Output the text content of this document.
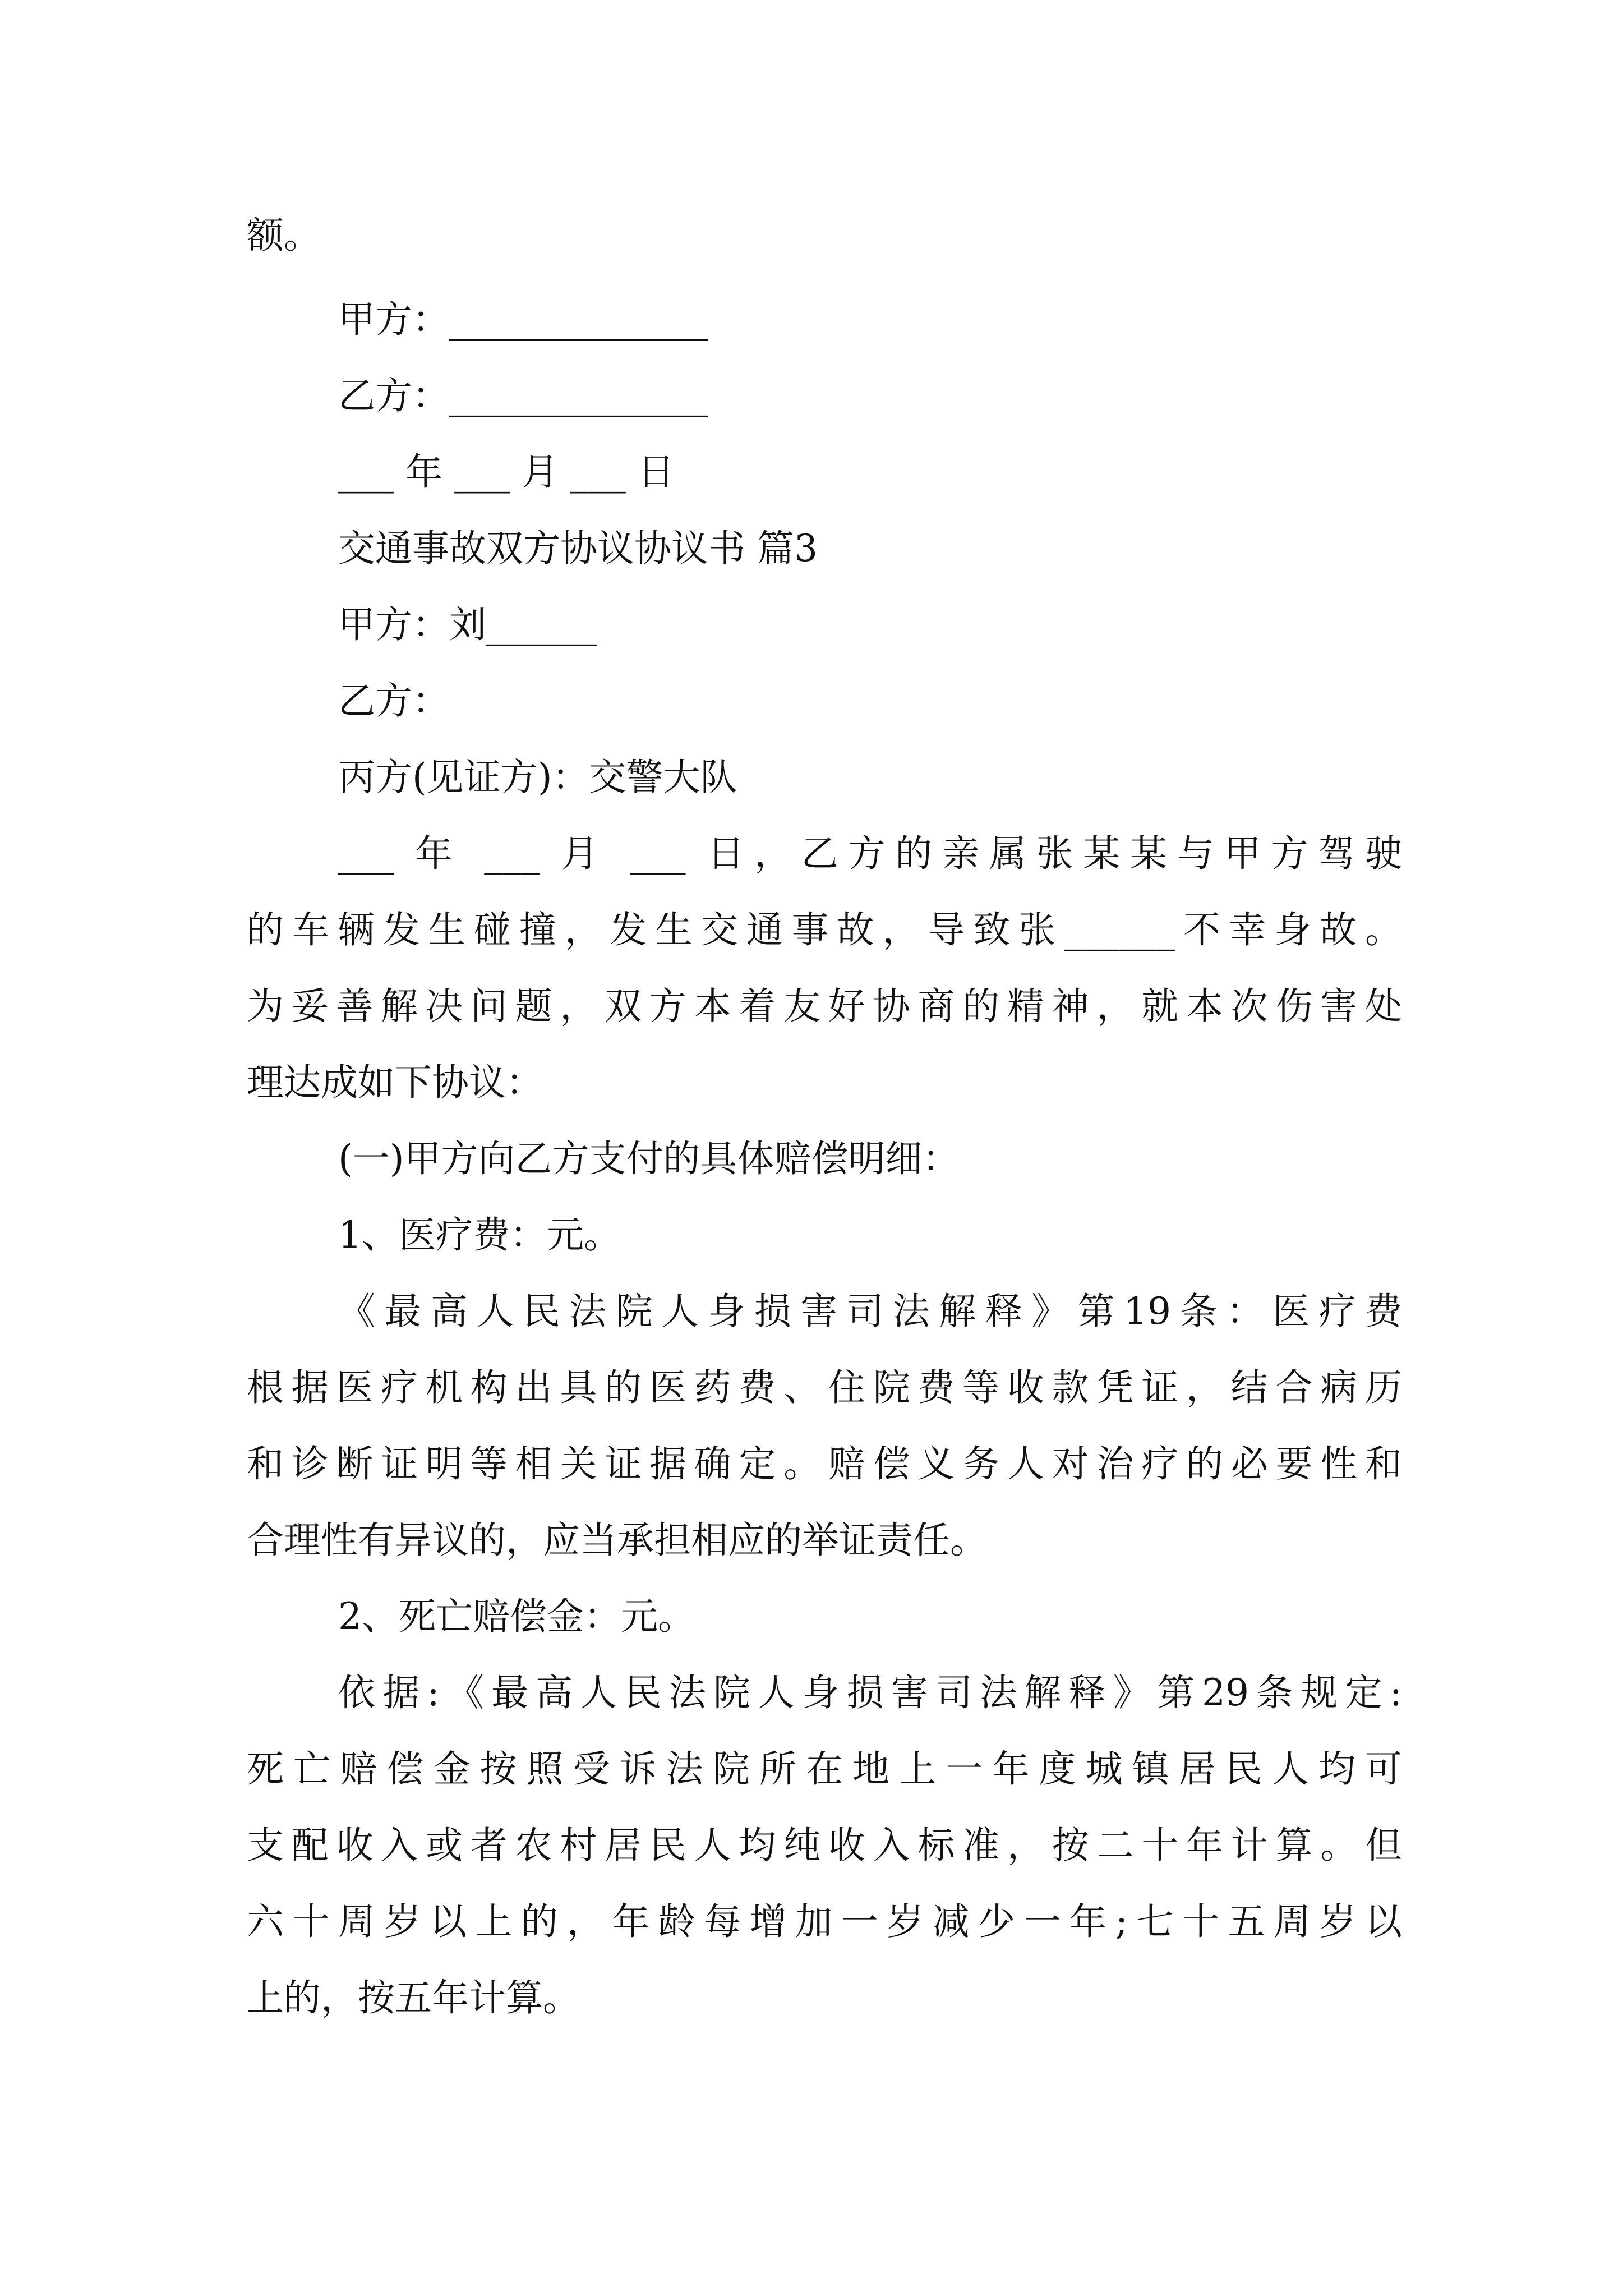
额。
甲方：______________
乙方：______________
___ 年 ___ 月 ___ 日
交通事故双方协议协议书 篇3
甲方：刘______
乙方：
丙方(见证方)：交警大队
___ 年 ___ 月 ___ 日，乙方的亲属张某某与甲方驾驶
的车辆发生碰撞，发生交通事故，导致张______不幸身故。
为妥善解决问题，双方本着友好协商的精神，就本次伤害处
理达成如下协议：
(一)甲方向乙方支付的具体赔偿明细：
1、医疗费：元。
《最高人民法院人身损害司法解释》第19条：医疗费
根据医疗机构出具的医药费、住院费等收款凭证，结合病历
和诊断证明等相关证据确定。赔偿义务人对治疗的必要性和
合理性有异议的，应当承担相应的举证责任。
2、死亡赔偿金：元。
依据:《最高人民法院人身损害司法解释》第29条规定:
死亡赔偿金按照受诉法院所在地上一年度城镇居民人均可
支配收入或者农村居民人均纯收入标准，按二十年计算。但
六十周岁以上的，年龄每增加一岁减少一年;七十五周岁以
上的，按五年计算。
